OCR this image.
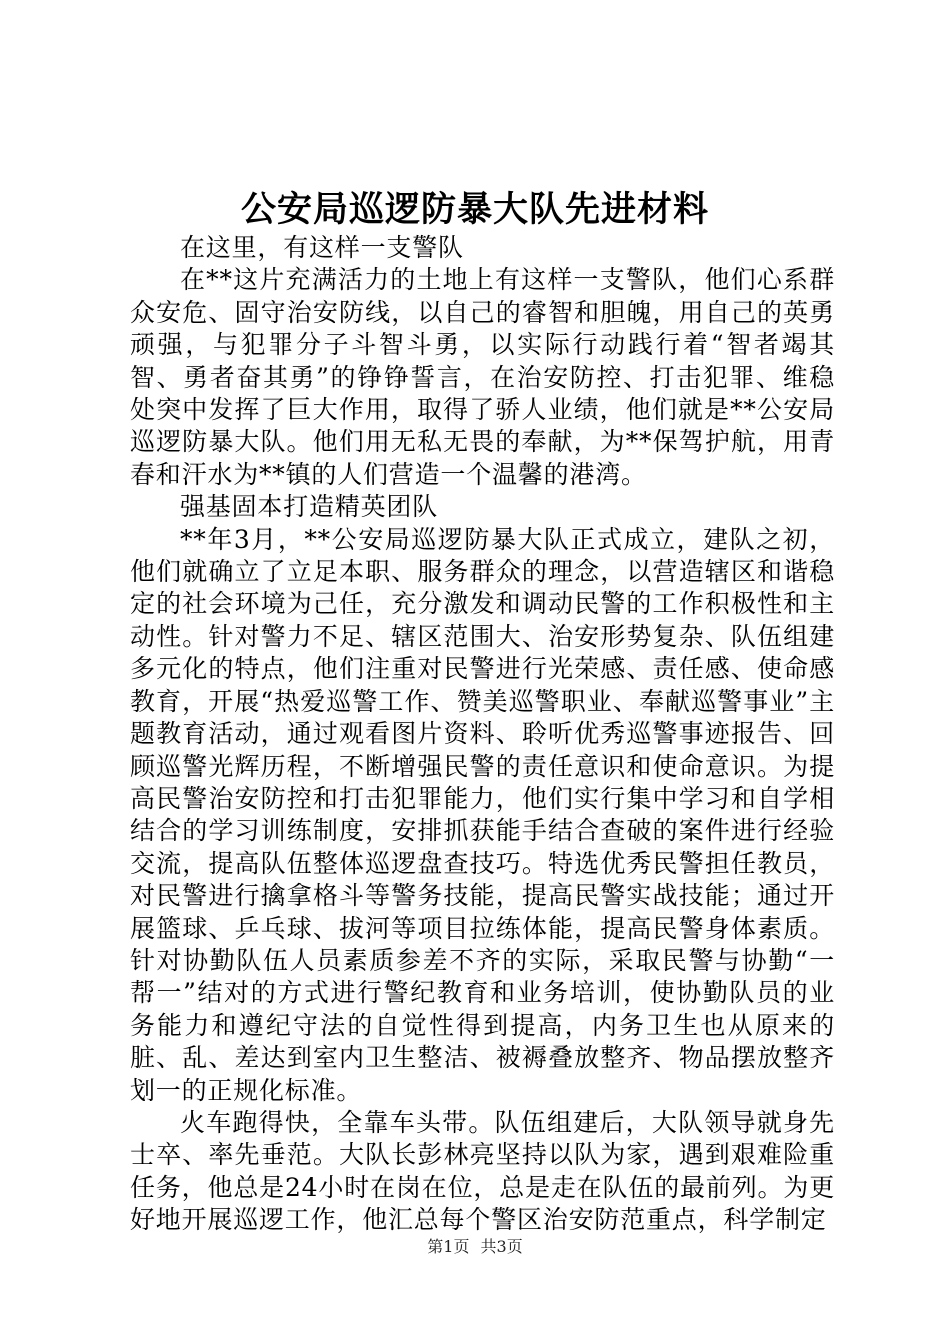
公安局巡逻防暴大队先进材料

在这里，有这样一支警队

在**这片充满活力的土地上有这样一支警队，他们心系群众安危、固守治安防线，以自己的睿智和胆魄，用自己的英勇顽强，与犯罪分子斗智斗勇，以实际行动践行着“智者竭其智、勇者奋其勇”的铮铮誓言，在治安防控、打击犯罪、维稳处突中发挥了巨大作用，取得了骄人业绩，他们就是**公安局巡逻防暴大队。他们用无私无畏的奉献，为**保驾护航，用青春和汗水为**镇的人们营造一个温馨的港湾。

强基固本打造精英团队

**年3月，**公安局巡逻防暴大队正式成立，建队之初，他们就确立了立足本职、服务群众的理念，以营造辖区和谐稳定的社会环境为己任，充分激发和调动民警的工作积极性和主动性。针对警力不足、辖区范围大、治安形势复杂、队伍组建多元化的特点，他们注重对民警进行光荣感、责任感、使命感教育，开展“热爱巡警工作、赞美巡警职业、奉献巡警事业”主题教育活动，通过观看图片资料、聆听优秀巡警事迹报告、回顾巡警光辉历程，不断增强民警的责任意识和使命意识。为提高民警治安防控和打击犯罪能力，他们实行集中学习和自学相结合的学习训练制度，安排抓获能手结合查破的案件进行经验交流，提高队伍整体巡逻盘查技巧。特选优秀民警担任教员，对民警进行擒拿格斗等警务技能，提高民警实战技能；通过开展篮球、乒乓球、拔河等项目拉练体能，提高民警身体素质。针对协勤队伍人员素质参差不齐的实际，采取民警与协勤“一帮一”结对的方式进行警纪教育和业务培训，使协勤队员的业务能力和遵纪守法的自觉性得到提高，内务卫生也从原来的脏、乱、差达到室内卫生整洁、被褥叠放整齐、物品摆放整齐划一的正规化标准。

火车跑得快，全靠车头带。队伍组建后，大队领导就身先士卒、率先垂范。大队长彭林亮坚持以队为家，遇到艰难险重任务，他总是24小时在岗在位，总是走在队伍的最前列。为更好地开展巡逻工作，他汇总每个警区治安防范重点，科学制定

第1页 共3页
